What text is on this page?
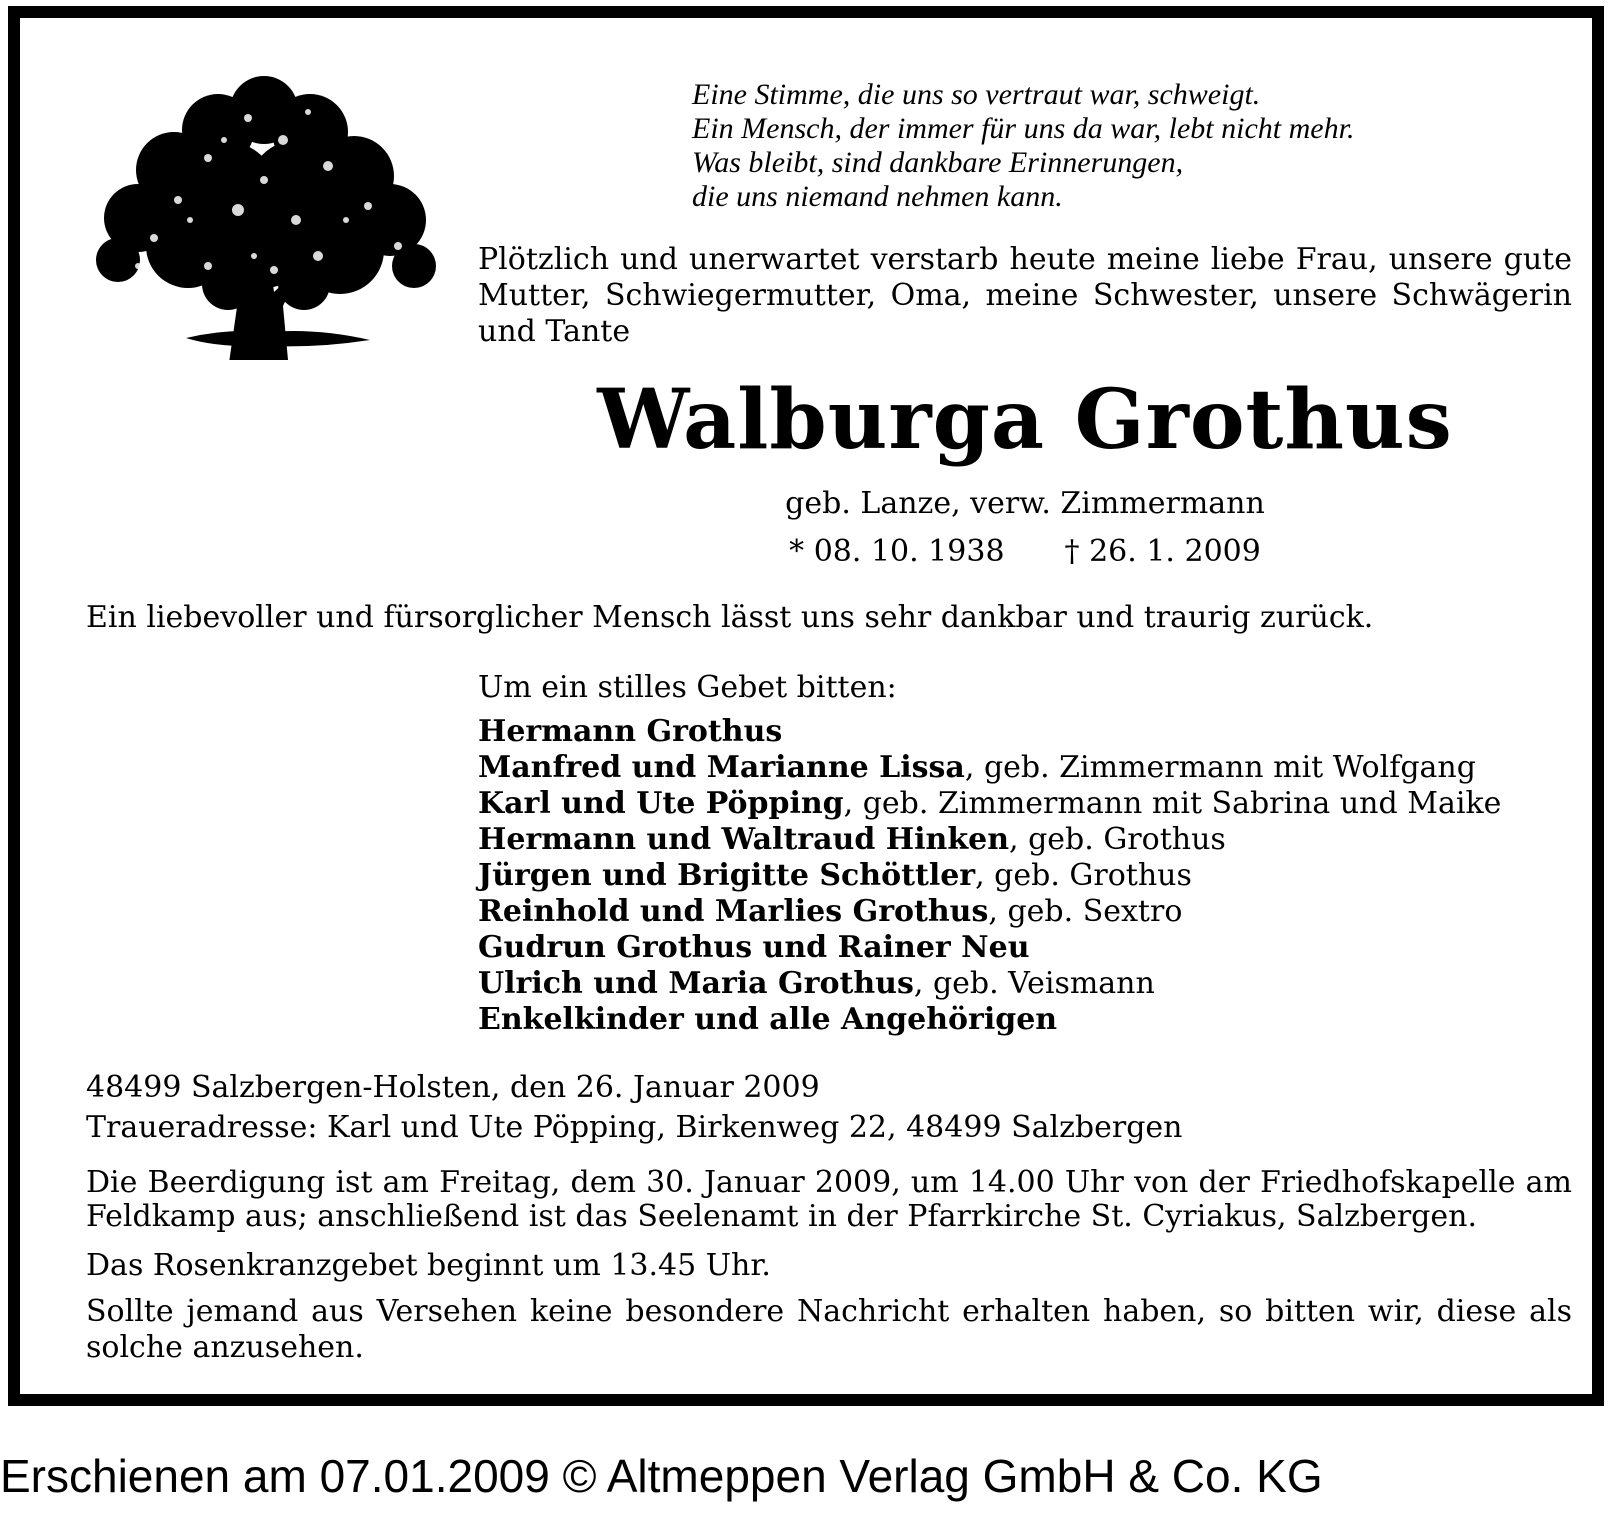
Eine Stimme, die uns so vertraut war, schweigt.
Ein Mensch, der immer für uns da war, lebt nicht mehr.
Was bleibt, sind dankbare Erinnerungen,
die uns niemand nehmen kann.
Plötzlich und unerwartet verstarb heute meine liebe Frau, unsere gute Mutter, Schwiegermutter, Oma, meine Schwester, unsere Schwägerin und Tante
Walburga Grothus
geb. Lanze, verw. Zimmermann
* 08. 10. 1938 † 26. 1. 2009
Ein liebevoller und fürsorglicher Mensch lässt uns sehr dankbar und traurig zurück.
Um ein stilles Gebet bitten:
Hermann Grothus
Manfred und Marianne Lissa, geb. Zimmermann mit Wolfgang
Karl und Ute Pöpping, geb. Zimmermann mit Sabrina und Maike
Hermann und Waltraud Hinken, geb. Grothus
Jürgen und Brigitte Schöttler, geb. Grothus
Reinhold und Marlies Grothus, geb. Sextro
Gudrun Grothus und Rainer Neu
Ulrich und Maria Grothus, geb. Veismann
Enkelkinder und alle Angehörigen
48499 Salzbergen-Holsten, den 26. Januar 2009
Traueradresse: Karl und Ute Pöpping, Birkenweg 22, 48499 Salzbergen
Die Beerdigung ist am Freitag, dem 30. Januar 2009, um 14.00 Uhr von der Friedhofskapelle am Feldkamp aus; anschließend ist das Seelenamt in der Pfarrkirche St. Cyriakus, Salzbergen.
Das Rosenkranzgebet beginnt um 13.45 Uhr.
Sollte jemand aus Versehen keine besondere Nachricht erhalten haben, so bitten wir, diese als solche anzusehen.
Erschienen am 07.01.2009 © Altmeppen Verlag GmbH & Co. KG
